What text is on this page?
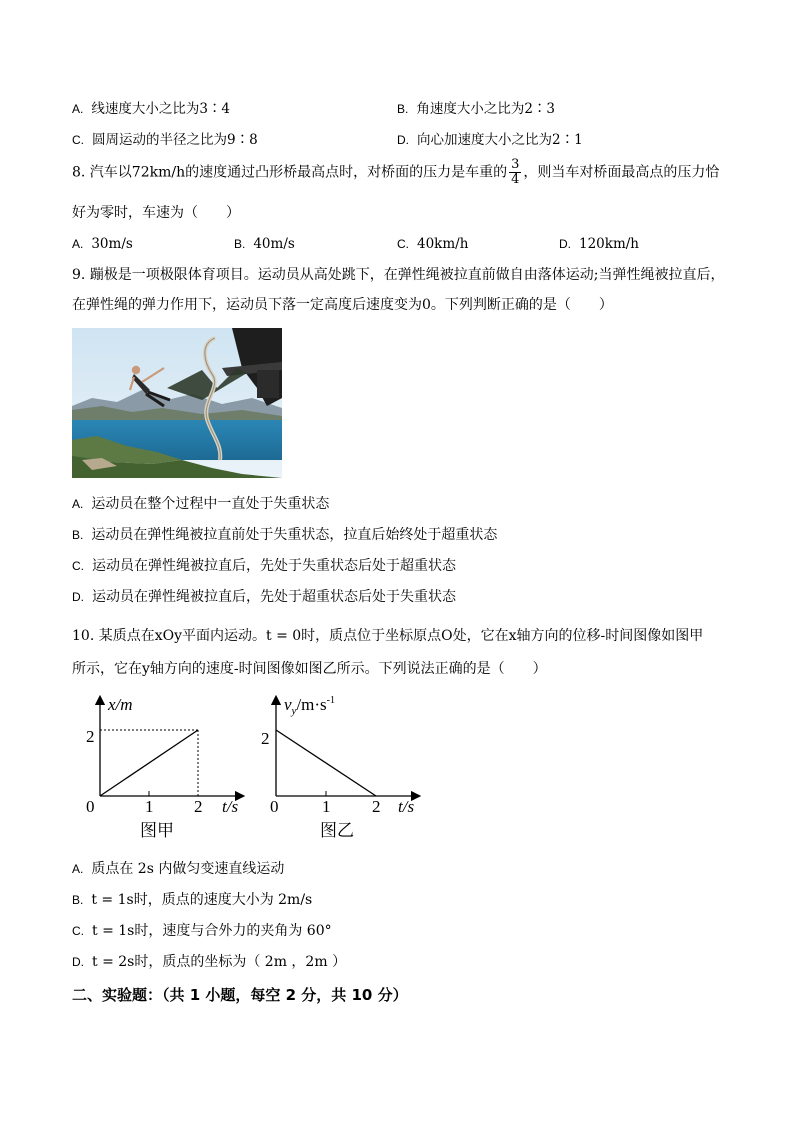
A. 线速度大小之比为3∶4	B. 角速度大小之比为2∶3
C. 圆周运动的半径之比为9∶8	D. 向心加速度大小之比为2∶1
8. 汽车以72km/h的速度通过凸形桥最高点时，对桥面的压力是车重的 $\frac{3}{4}$ ，则当车对桥面最高点的压力恰
好为零时，车速为（　　）
A. 30m/s	B. 40m/s	C. 40km/h	D. 120km/h
9. 蹦极是一项极限体育项目。运动员从高处跳下，在弹性绳被拉直前做自由落体运动;当弹性绳被拉直后，
在弹性绳的弹力作用下，运动员下落一定高度后速度变为0。下列判断正确的是（　　）
A. 运动员在整个过程中一直处于失重状态
B. 运动员在弹性绳被拉直前处于失重状态，拉直后始终处于超重状态
C. 运动员在弹性绳被拉直后，先处于失重状态后处于超重状态
D. 运动员在弹性绳被拉直后，先处于超重状态后处于失重状态
10. 某质点在xOy平面内运动。t = 0时，质点位于坐标原点O处，它在x轴方向的位移-时间图像如图甲
所示，它在y轴方向的速度-时间图像如图乙所示。下列说法正确的是（　　）
x/m
2
0	1 2 t/s
图甲
$v_y/m\cdot s^{-1}$
2
0	1 2 t/s
图乙
A. 质点在 2s 内做匀变速直线运动
B. t = 1s时，质点的速度大小为 2m/s
C. t = 1s时，速度与合外力的夹角为 60°
D. t = 2s时，质点的坐标为（ 2m ，2m ）
二、实验题：（共 1 小题，每空 2 分，共 10 分）
